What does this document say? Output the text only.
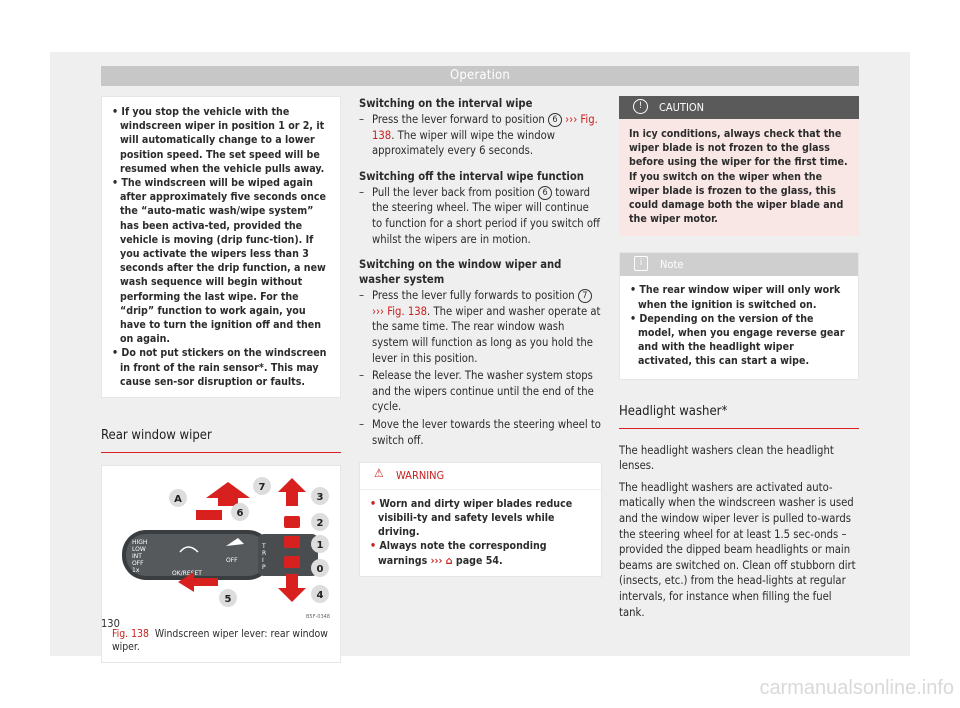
Operation

• If you stop the vehicle with the windscreen wiper in position 1 or 2, it will automatically change to a lower position speed. The set speed will be resumed when the vehicle pulls away.

• The windscreen will be wiped again after approximately five seconds once the “auto-matic wash/wipe system” has been activa-ted, provided the vehicle is moving (drip func-tion). If you activate the wipers less than 3 seconds after the drip function, a new wash sequence will begin without performing the last wipe. For the “drip” function to work again, you have to turn the ignition off and then on again.

• Do not put stickers on the windscreen in front of the rain sensor*. This may cause sen-sor disruption or faults.

Rear window wiper
HIGH
LOW
INT
OFF
1x	OK/RESET
OFF
T
R
I
P
A
7
6
5
3
2
1
0
4
B5F-0348
Fig. 138 Windscreen wiper lever: rear window wiper.
Switching on the interval wipe
– Press the lever forward to position 6 ››› Fig. 138. The wiper will wipe the window approximately every 6 seconds.
Switching off the interval wipe function
– Pull the lever back from position 6 toward the steering wheel. The wiper will continue to function for a short period if you switch off whilst the wipers are in motion.
Switching on the window wiper and washer system
– Press the lever fully forwards to position 7 ››› Fig. 138. The wiper and washer operate at the same time. The rear window wash system will function as long as you hold the lever in this position.
– Release the lever. The washer system stops and the wipers continue until the end of the cycle.
– Move the lever towards the steering wheel to switch off.
⚠ WARNING

• Worn and dirty wiper blades reduce visibili-ty and safety levels while driving.

• Always note the corresponding warnings ››› ⌂ page 54.

!	CAUTION
In icy conditions, always check that the wiper blade is not frozen to the glass before using the wiper for the first time. If you switch on the wiper when the wiper blade is frozen to the glass, this could damage both the wiper blade and the wiper motor.
i	Note

• The rear window wiper will only work when the ignition is switched on.

• Depending on the version of the model, when you engage reverse gear and with the headlight wiper activated, this can start a wipe.

Headlight washer*

The headlight washers clean the headlight lenses.

The headlight washers are activated auto-matically when the windscreen washer is used and the window wiper lever is pulled to-wards the steering wheel for at least 1.5 sec-onds – provided the dipped beam headlights or main beams are switched on. Clean off stubborn dirt (insects, etc.) from the head-lights at regular intervals, for instance when filling the fuel tank.

130
carmanualsonline.info
